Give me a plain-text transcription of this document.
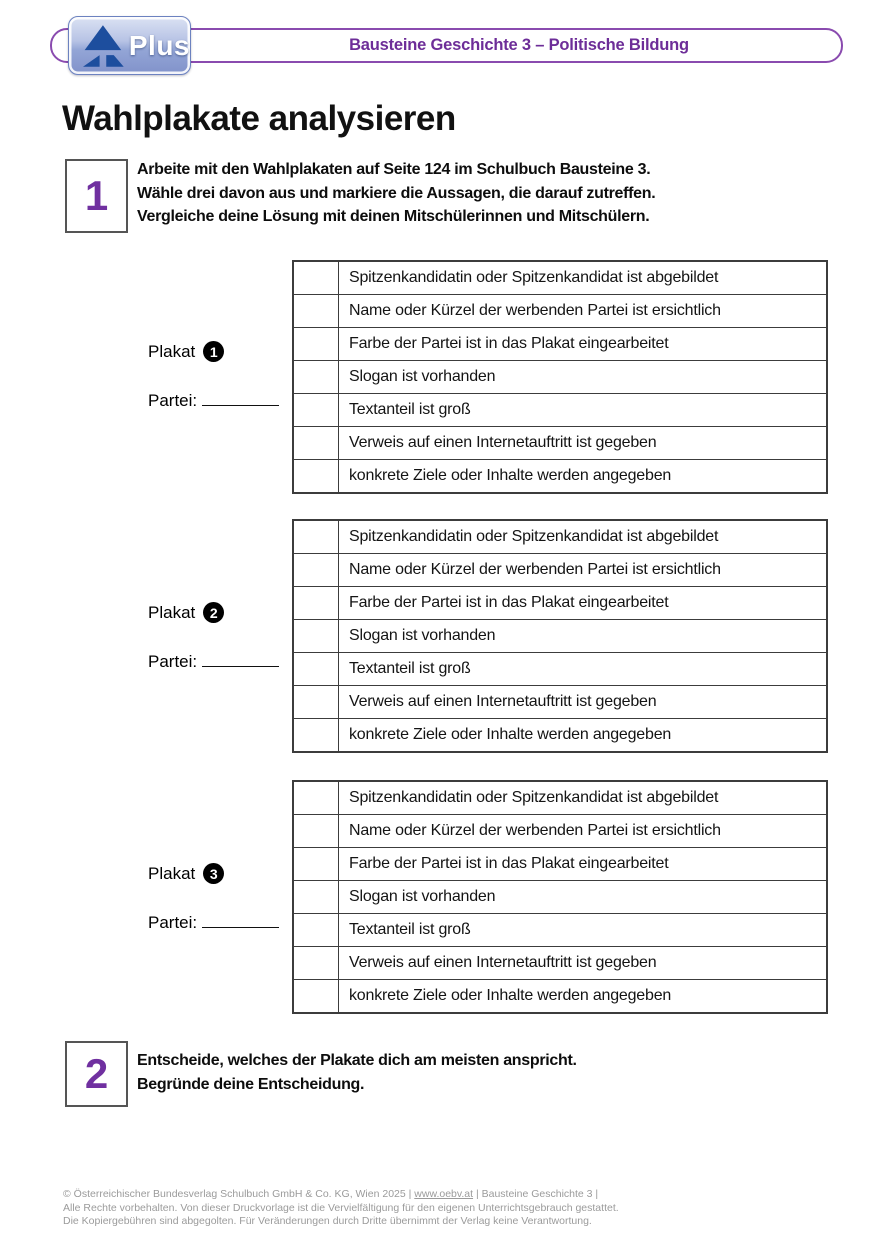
Bausteine Geschichte 3 – Politische Bildung
Plus
Wahlplakate analysieren
1
Arbeite mit den Wahlplakaten auf Seite 124 im Schulbuch Bausteine 3.
Wähle drei davon aus und markiere die Aussagen, die darauf zutreffen.
Vergleiche deine Lösung mit deinen Mitschülerinnen und Mitschülern.
Plakat	1
Partei:
Spitzenkandidatin oder Spitzenkandidat ist abgebildet
Name oder Kürzel der werbenden Partei ist ersichtlich
Farbe der Partei ist in das Plakat eingearbeitet
Slogan ist vorhanden
Textanteil ist groß
Verweis auf einen Internetauftritt ist gegeben
konkrete Ziele oder Inhalte werden angegeben
Plakat	2
Partei:
Spitzenkandidatin oder Spitzenkandidat ist abgebildet
Name oder Kürzel der werbenden Partei ist ersichtlich
Farbe der Partei ist in das Plakat eingearbeitet
Slogan ist vorhanden
Textanteil ist groß
Verweis auf einen Internetauftritt ist gegeben
konkrete Ziele oder Inhalte werden angegeben
Plakat	3
Partei:
Spitzenkandidatin oder Spitzenkandidat ist abgebildet
Name oder Kürzel der werbenden Partei ist ersichtlich
Farbe der Partei ist in das Plakat eingearbeitet
Slogan ist vorhanden
Textanteil ist groß
Verweis auf einen Internetauftritt ist gegeben
konkrete Ziele oder Inhalte werden angegeben
2 Entscheide, welches der Plakate dich am meisten anspricht.
Begründe deine Entscheidung.
© Österreichischer Bundesverlag Schulbuch GmbH & Co. KG, Wien 2025 | www.oebv.at | Bausteine Geschichte 3 |
Alle Rechte vorbehalten. Von dieser Druckvorlage ist die Vervielfältigung für den eigenen Unterrichtsgebrauch gestattet.
Die Kopiergebühren sind abgegolten. Für Veränderungen durch Dritte übernimmt der Verlag keine Verantwortung.
